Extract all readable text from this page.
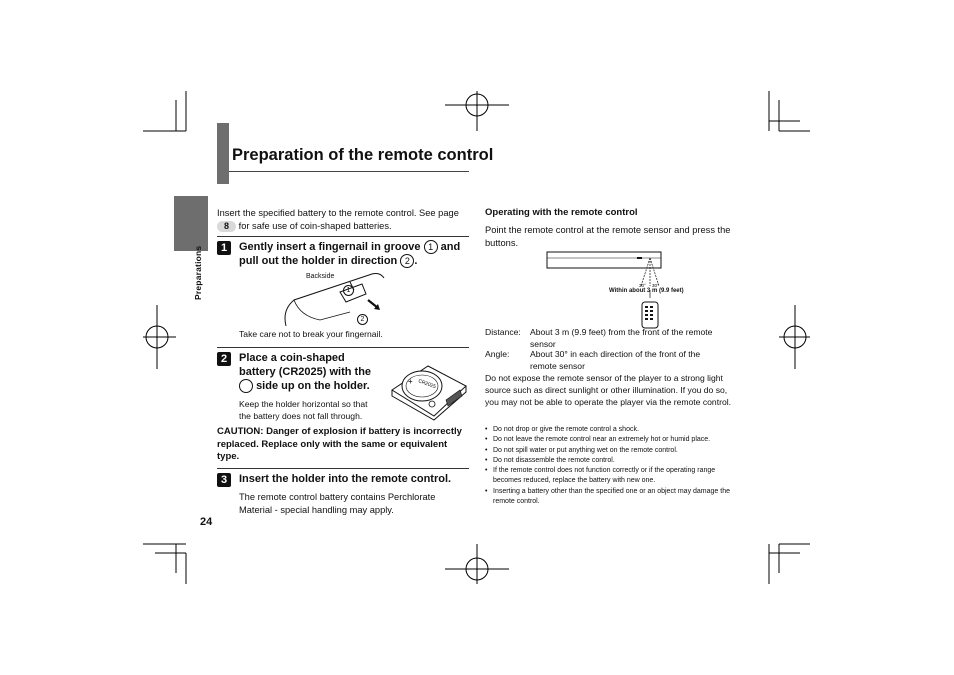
Preparation of the remote control
Preparations
24
Insert the specified battery to the remote control. See page 8 for safe use of coin-shaped batteries.
1	Gently insert a fingernail in groove 1 and pull out the holder in direction 2 .
Backside
1
2
Take care not to break your fingernail.
2	Place a coin-shaped
battery (CR2025) with the
side up on the holder.
Keep the holder horizontal so that
the battery does not fall through.
CR2025
+
CAUTION: Danger of explosion if battery is incorrectly replaced. Replace only with the same or equivalent type.
3	Insert the holder into the remote control.
The remote control battery contains Perchlorate Material - special handling may apply.
Operating with the remote control
Point the remote control at the remote sensor and press the buttons.
30° 30°
Within about 3 m (9.9 feet)
Distance:	About 3 m (9.9 feet) from the front of the remote
sensor
Angle:	About 30° in each direction of the front of the
remote sensor
Do not expose the remote sensor of the player to a strong light source such as direct sunlight or other illumination. If you do so, you may not be able to operate the player via the remote control.
• Do not drop or give the remote control a shock.
• Do not leave the remote control near an extremely hot or humid place.
• Do not spill water or put anything wet on the remote control.
• Do not disassemble the remote control.
• If the remote control does not function correctly or if the operating range becomes reduced, replace the battery with new one.
• Inserting a battery other than the specified one or an object may damage the remote control.
